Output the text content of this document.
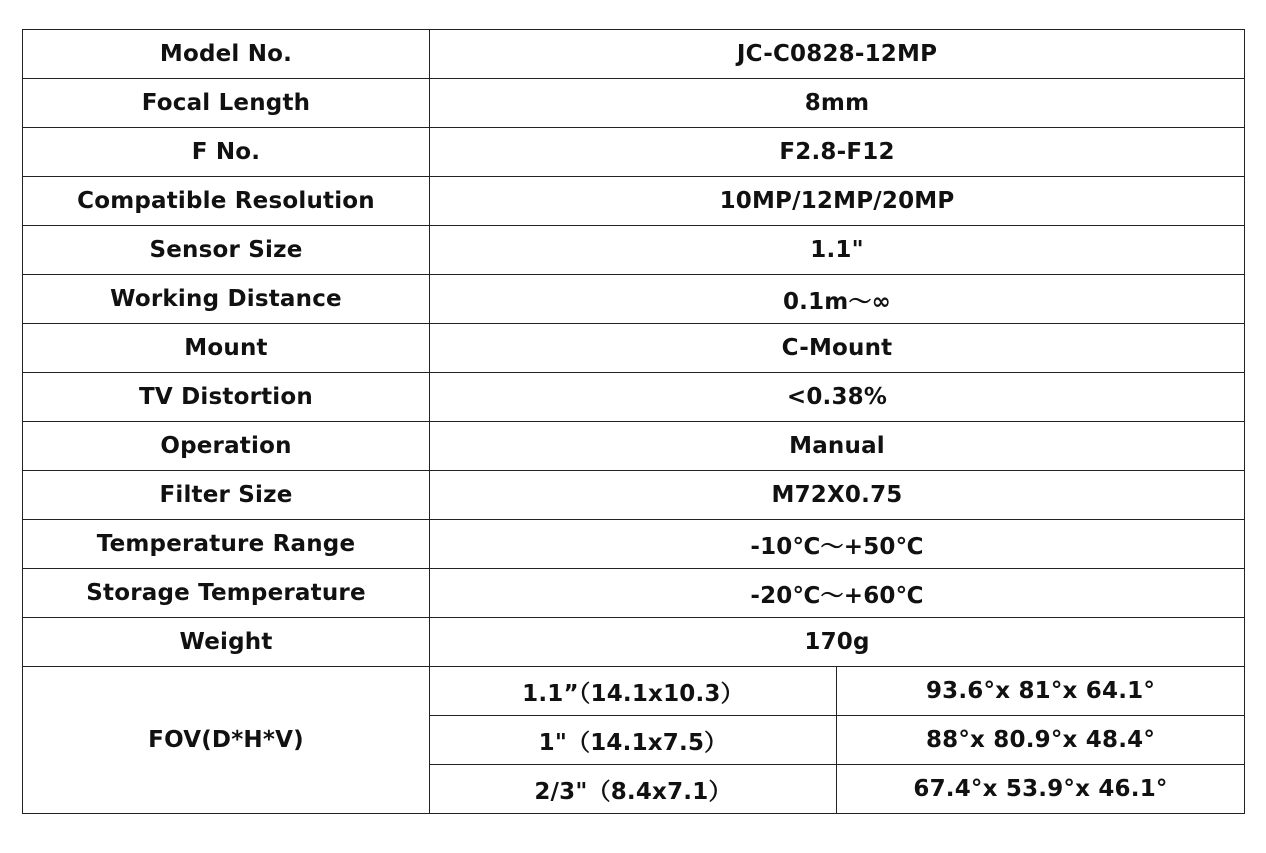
Model No.	JC-C0828-12MP	
Focal Length	8mm	
F No.	F2.8-F12	
Compatible Resolution	10MP/12MP/20MP	
Sensor Size	1.1"	
Working Distance	0.1m～∞	
Mount	C-Mount	
TV Distortion	<0.38%	
Operation	Manual	
Filter Size	M72X0.75	
Temperature Range	-10℃～+50℃	
Storage Temperature	-20℃～+60℃	
Weight	170g	
FOV(D*H*V)	1.1”（14.1x10.3）	93.6°x 81°x 64.1°
	1"（14.1x7.5）	88°x 80.9°x 48.4°
	2/3"（8.4x7.1）	67.4°x 53.9°x 46.1°
